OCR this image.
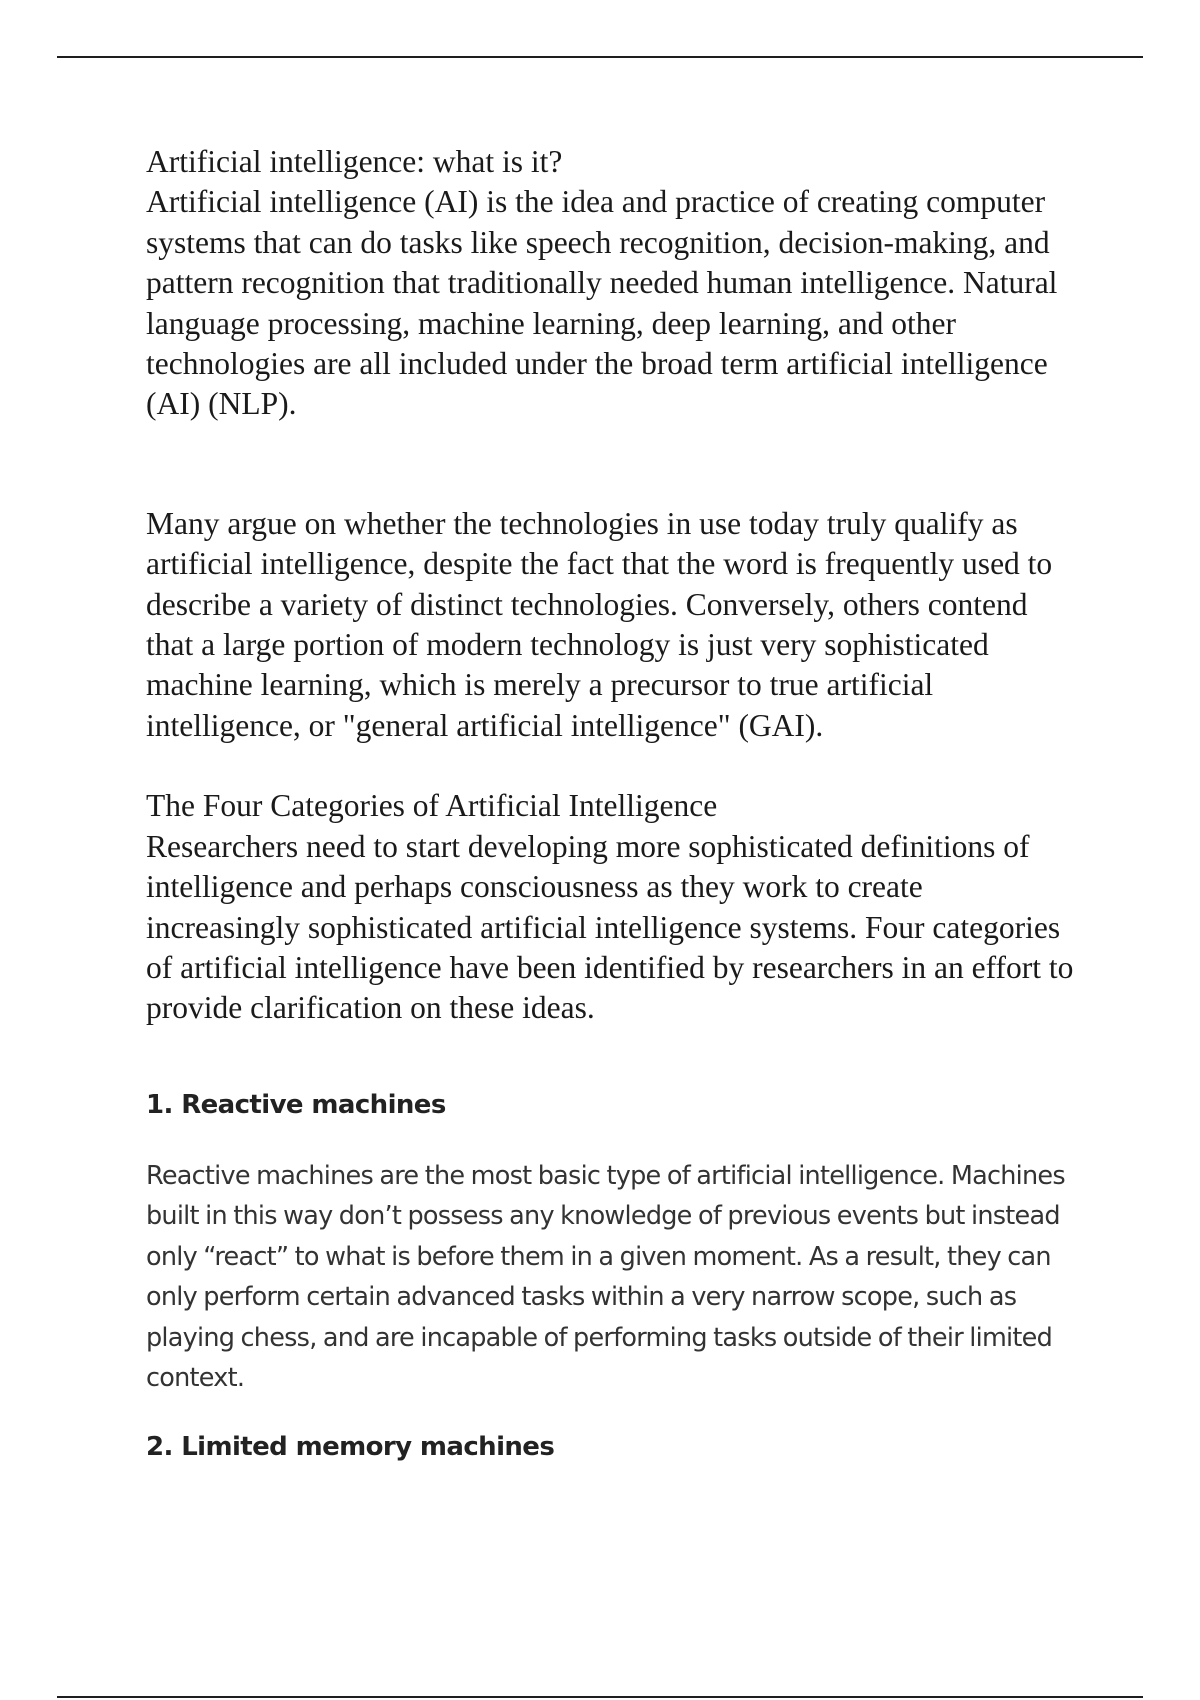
Artificial intelligence: what is it?

Artificial intelligence (AI) is the idea and practice of creating computer systems that can do tasks like speech recognition, decision-making, and pattern recognition that traditionally needed human intelligence. Natural language processing, machine learning, deep learning, and other technologies are all included under the broad term artificial intelligence (AI) (NLP).

Many argue on whether the technologies in use today truly qualify as artificial intelligence, despite the fact that the word is frequently used to describe a variety of distinct technologies. Conversely, others contend that a large portion of modern technology is just very sophisticated machine learning, which is merely a precursor to true artificial intelligence, or "general artificial intelligence" (GAI).

The Four Categories of Artificial Intelligence

Researchers need to start developing more sophisticated definitions of intelligence and perhaps consciousness as they work to create increasingly sophisticated artificial intelligence systems. Four categories of artificial intelligence have been identified by researchers in an effort to provide clarification on these ideas.

1. Reactive machines

Reactive machines are the most basic type of artificial intelligence. Machines built in this way don’t possess any knowledge of previous events but instead only “react” to what is before them in a given moment. As a result, they can only perform certain advanced tasks within a very narrow scope, such as playing chess, and are incapable of performing tasks outside of their limited context.

2. Limited memory machines
